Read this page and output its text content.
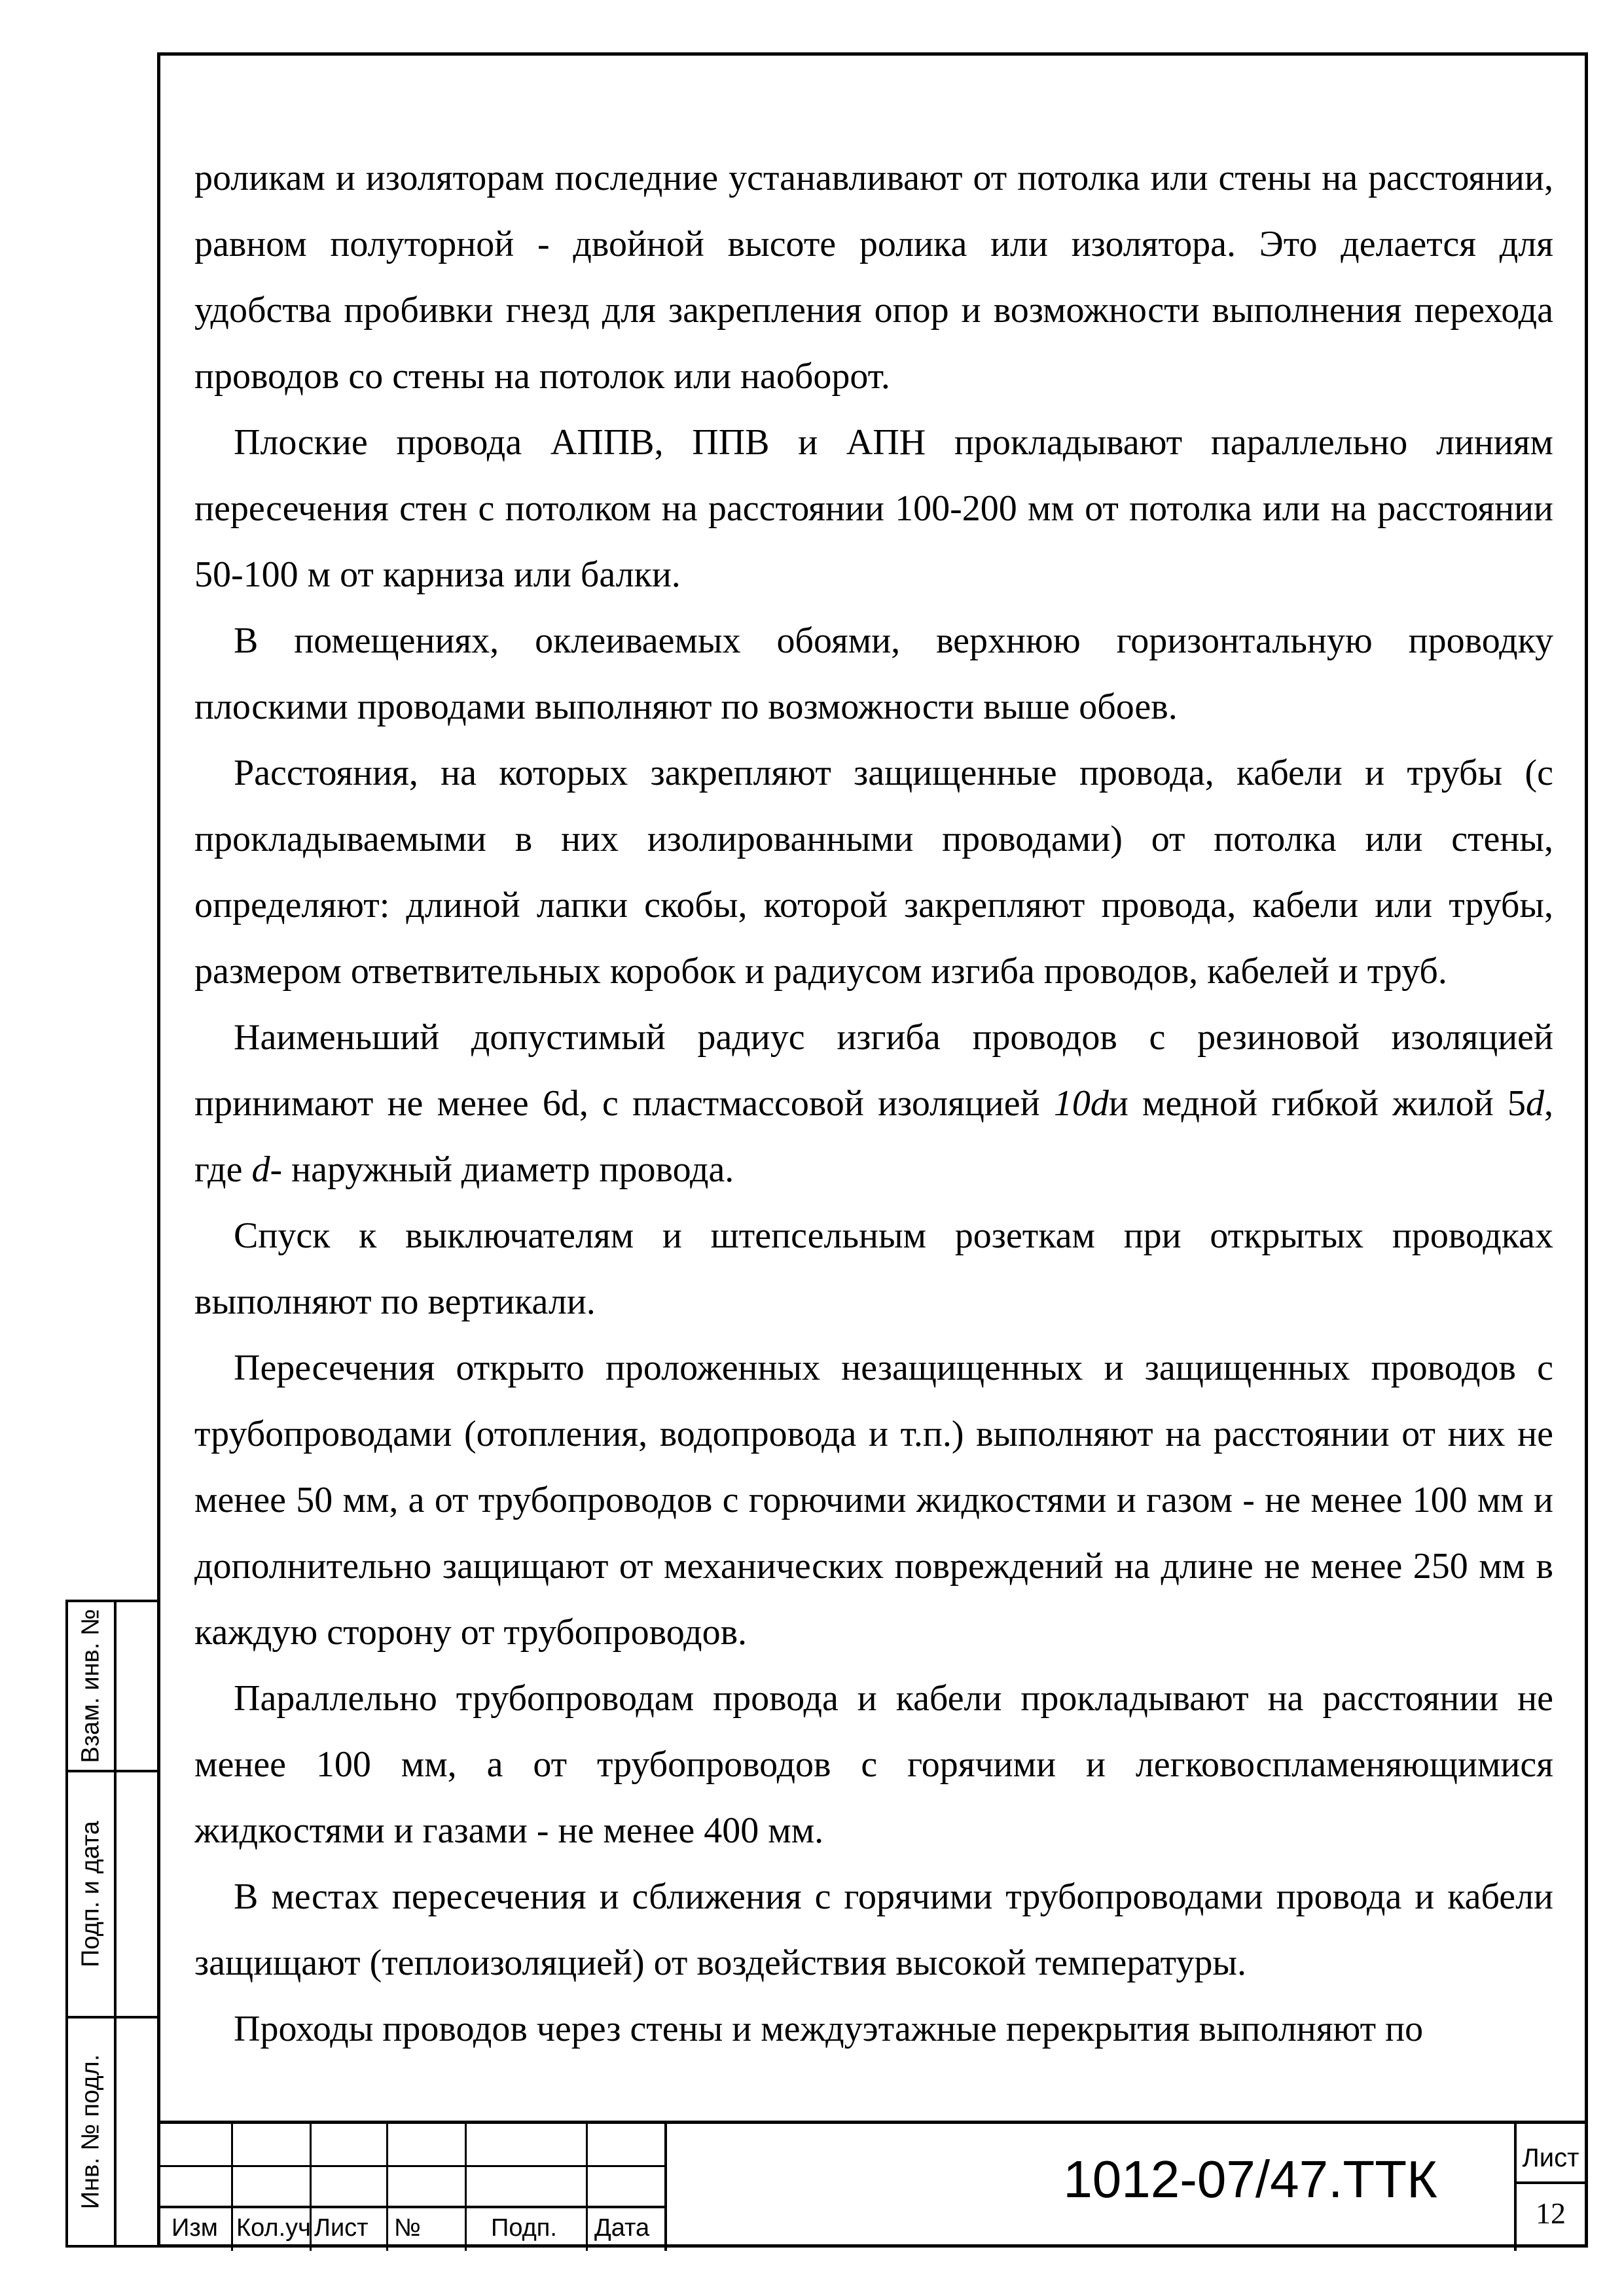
роликам и изоляторам последние устанавливают от потолка или стены на расстоянии, равном полуторной - двойной высоте ролика или изолятора. Это делается для удобства пробивки гнезд для закрепления опор и возможности выполнения перехода проводов со стены на потолок или наоборот.

Плоские провода АППВ, ППВ и АПН прокладывают параллельно линиям пересечения стен с потолком на расстоянии 100-200 мм от потолка или на расстоянии 50-100 м от карниза или балки.

В помещениях, оклеиваемых обоями, верхнюю горизонтальную проводку плоскими проводами выполняют по возможности выше обоев.

Расстояния, на которых закрепляют защищенные провода, кабели и трубы (с прокладываемыми в них изолированными проводами) от потолка или стены, определяют: длиной лапки скобы, которой закрепляют провода, кабели или трубы, размером ответвительных коробок и радиусом изгиба проводов, кабелей и труб.

Наименьший допустимый радиус изгиба проводов с резиновой изоляцией принимают не менее 6d, с пластмассовой изоляцией 10dи медной гибкой жилой 5d, где d- наружный диаметр провода.

Спуск к выключателям и штепсельным розеткам при открытых проводках выполняют по вертикали.

Пересечения открыто проложенных незащищенных и защищенных проводов с трубопроводами (отопления, водопровода и т.п.) выполняют на расстоянии от них не менее 50 мм, а от трубопроводов с горючими жидкостями и газом - не менее 100 мм и дополнительно защищают от механических повреждений на длине не менее 250 мм в каждую сторону от трубопроводов.

Параллельно трубопроводам провода и кабели прокладывают на расстоянии не менее 100 мм, а от трубопроводов с горячими и легковоспламеняющимися жидкостями и газами - не менее 400 мм.

В местах пересечения и сближения с горячими трубопроводами провода и кабели защищают (теплоизоляцией) от воздействия высокой температуры.

Проходы проводов через стены и междуэтажные перекрытия выполняют по

Взам. инв. №
Подп. и дата
Инв. № подл.
Изм Кол.уч Лист №	Подп. Дата
1012-07/47.ТТК	Лист
12
